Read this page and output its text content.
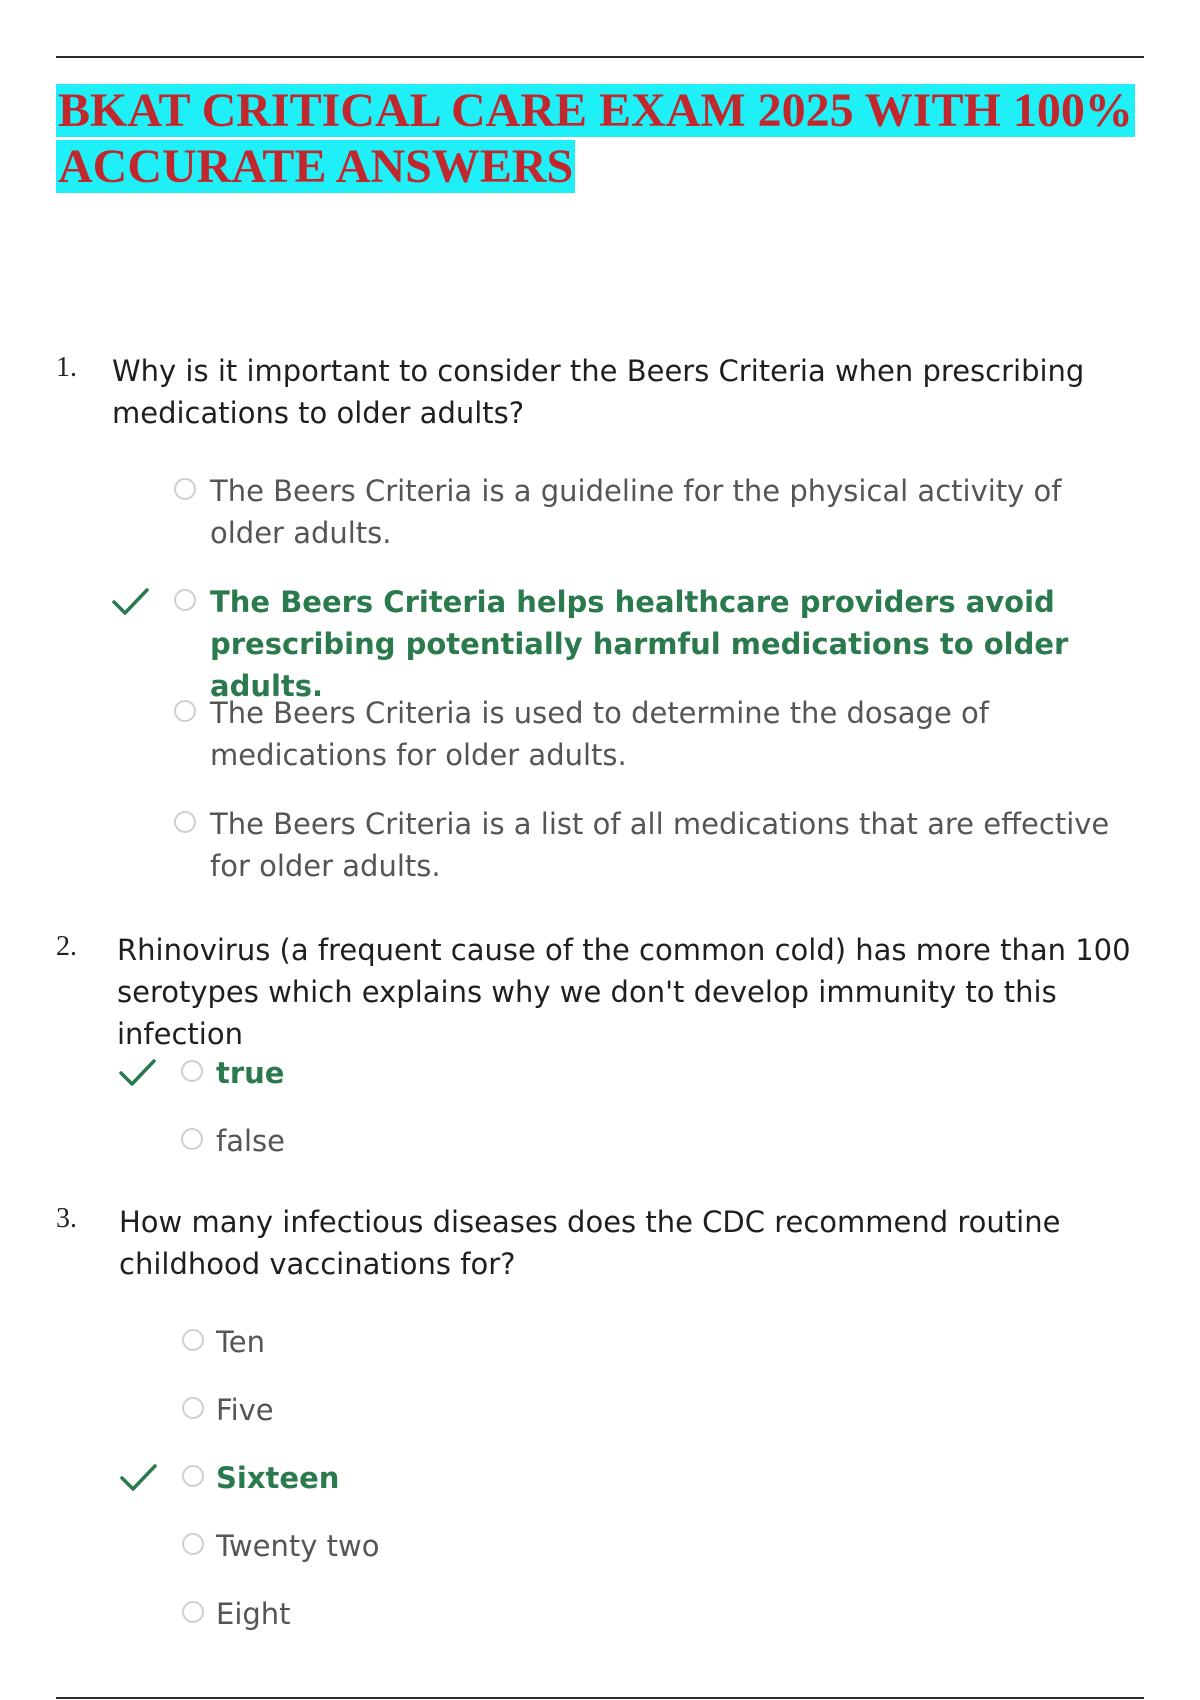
BKAT CRITICAL CARE EXAM 2025 WITH 100%
ACCURATE ANSWERS
1. Why is it important to consider the Beers Criteria when prescribing medications to older adults?
The Beers Criteria is a guideline for the physical activity of older adults.
The Beers Criteria helps healthcare providers avoid prescribing potentially harmful medications to older adults.
The Beers Criteria is used to determine the dosage of medications for older adults.
The Beers Criteria is a list of all medications that are effective for older adults.
2. Rhinovirus (a frequent cause of the common cold) has more than 100 serotypes which explains why we don't develop immunity to this infection
true
false
3. How many infectious diseases does the CDC recommend routine childhood vaccinations for?
Ten
Five
Sixteen
Twenty two
Eight
